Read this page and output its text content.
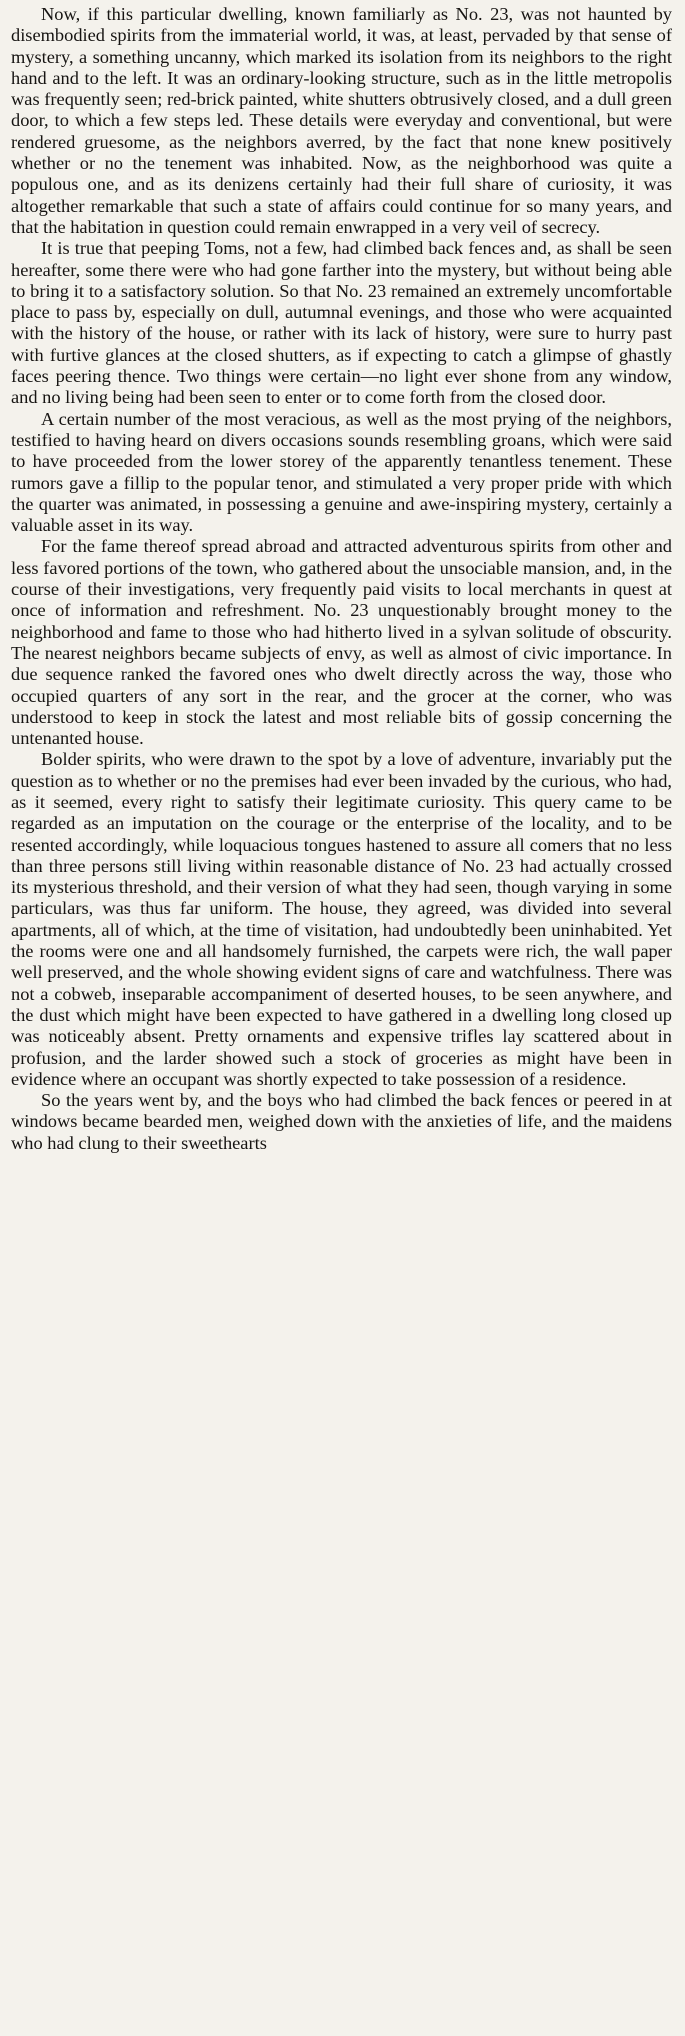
Now, if this particular dwelling, known familiarly as No. 23, was not haunted by disembodied spirits from the immaterial world, it was, at least, pervaded by that sense of mystery, a something uncanny, which marked its isolation from its neighbors to the right hand and to the left. It was an ordinary-looking structure, such as in the little metropolis was frequently seen; red-brick painted, white shutters obtrusively closed, and a dull green door, to which a few steps led. These details were everyday and conventional, but were rendered gruesome, as the neighbors averred, by the fact that none knew positively whether or no the tenement was inhabited. Now, as the neighborhood was quite a populous one, and as its denizens certainly had their full share of curiosity, it was altogether remarkable that such a state of affairs could continue for so many years, and that the habitation in question could remain enwrapped in a very veil of secrecy.

It is true that peeping Toms, not a few, had climbed back fences and, as shall be seen hereafter, some there were who had gone farther into the mystery, but without being able to bring it to a satisfactory solution. So that No. 23 remained an extremely uncomfortable place to pass by, especially on dull, autumnal evenings, and those who were acquainted with the history of the house, or rather with its lack of history, were sure to hurry past with furtive glances at the closed shutters, as if expecting to catch a glimpse of ghastly faces peering thence. Two things were certain—no light ever shone from any window, and no living being had been seen to enter or to come forth from the closed door.

A certain number of the most veracious, as well as the most prying of the neighbors, testified to having heard on divers occasions sounds resembling groans, which were said to have proceeded from the lower storey of the apparently tenantless tenement. These rumors gave a fillip to the popular tenor, and stimulated a very proper pride with which the quarter was animated, in possessing a genuine and awe-inspiring mystery, certainly a valuable asset in its way.

For the fame thereof spread abroad and attracted adventurous spirits from other and less favored portions of the town, who gathered about the unsociable mansion, and, in the course of their investigations, very frequently paid visits to local merchants in quest at once of information and refreshment. No. 23 unquestionably brought money to the neighborhood and fame to those who had hitherto lived in a sylvan solitude of obscurity. The nearest neighbors became subjects of envy, as well as almost of civic importance. In due sequence ranked the favored ones who dwelt directly across the way, those who occupied quarters of any sort in the rear, and the grocer at the corner, who was understood to keep in stock the latest and most reliable bits of gossip concerning the untenanted house.

Bolder spirits, who were drawn to the spot by a love of adventure, invariably put the question as to whether or no the premises had ever been invaded by the curious, who had, as it seemed, every right to satisfy their legitimate curiosity. This query came to be regarded as an imputation on the courage or the enterprise of the locality, and to be resented accordingly, while loquacious tongues hastened to assure all comers that no less than three persons still living within reasonable distance of No. 23 had actually crossed its mysterious threshold, and their version of what they had seen, though varying in some particulars, was thus far uniform. The house, they agreed, was divided into several apartments, all of which, at the time of visitation, had undoubtedly been uninhabited. Yet the rooms were one and all handsomely furnished, the carpets were rich, the wall paper well preserved, and the whole showing evident signs of care and watchfulness. There was not a cobweb, inseparable accompaniment of deserted houses, to be seen anywhere, and the dust which might have been expected to have gathered in a dwelling long closed up was noticeably absent. Pretty ornaments and expensive trifles lay scattered about in profusion, and the larder showed such a stock of groceries as might have been in evidence where an occupant was shortly expected to take possession of a residence.

So the years went by, and the boys who had climbed the back fences or peered in at windows became bearded men, weighed down with the anxieties of life, and the maidens who had clung to their sweethearts
